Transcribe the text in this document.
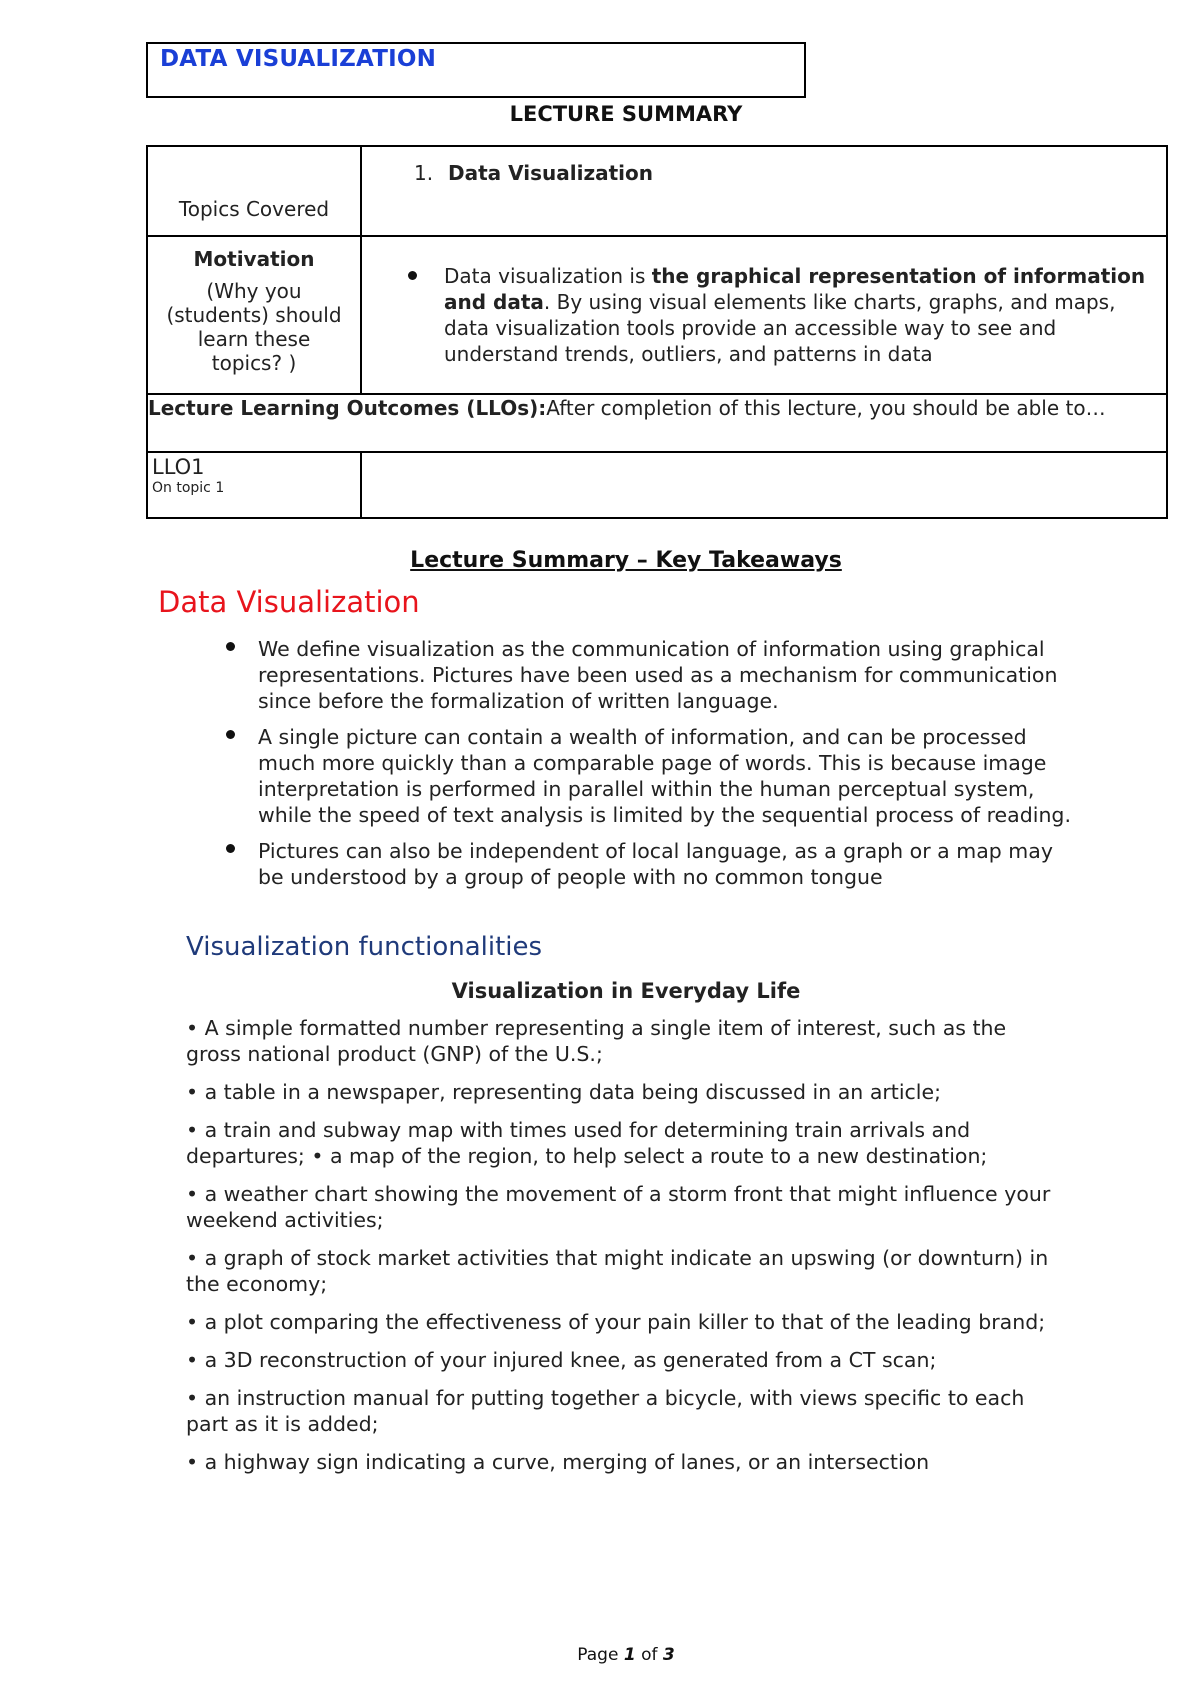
DATA VISUALIZATION
LECTURE SUMMARY
Topics Covered	1. Data Visualization

Motivation
(Why you (students) should learn these topics? )	Data visualization is the graphical representation of information and data. By using visual elements like charts, graphs, and maps, data visualization tools provide an accessible way to see and understand trends, outliers, and patterns in data

Lecture Learning Outcomes (LLOs):After completion of this lecture, you should be able to…	

LLO1
On topic 1	

Lecture Summary – Key Takeaways
Data Visualization
We define visualization as the communication of information using graphical representations. Pictures have been used as a mechanism for communication since before the formalization of written language.
A single picture can contain a wealth of information, and can be processed much more quickly than a comparable page of words. This is because image interpretation is performed in parallel within the human perceptual system, while the speed of text analysis is limited by the sequential process of reading.
Pictures can also be independent of local language, as a graph or a map may be understood by a group of people with no common tongue
Visualization functionalities
Visualization in Everyday Life
• A simple formatted number representing a single item of interest, such as the gross national product (GNP) of the U.S.;
• a table in a newspaper, representing data being discussed in an article;
• a train and subway map with times used for determining train arrivals and departures; • a map of the region, to help select a route to a new destination;
• a weather chart showing the movement of a storm front that might influence your weekend activities;
• a graph of stock market activities that might indicate an upswing (or downturn) in the economy;
• a plot comparing the effectiveness of your pain killer to that of the leading brand;
• a 3D reconstruction of your injured knee, as generated from a CT scan;
• an instruction manual for putting together a bicycle, with views specific to each part as it is added;
• a highway sign indicating a curve, merging of lanes, or an intersection
Page 1 of 3
